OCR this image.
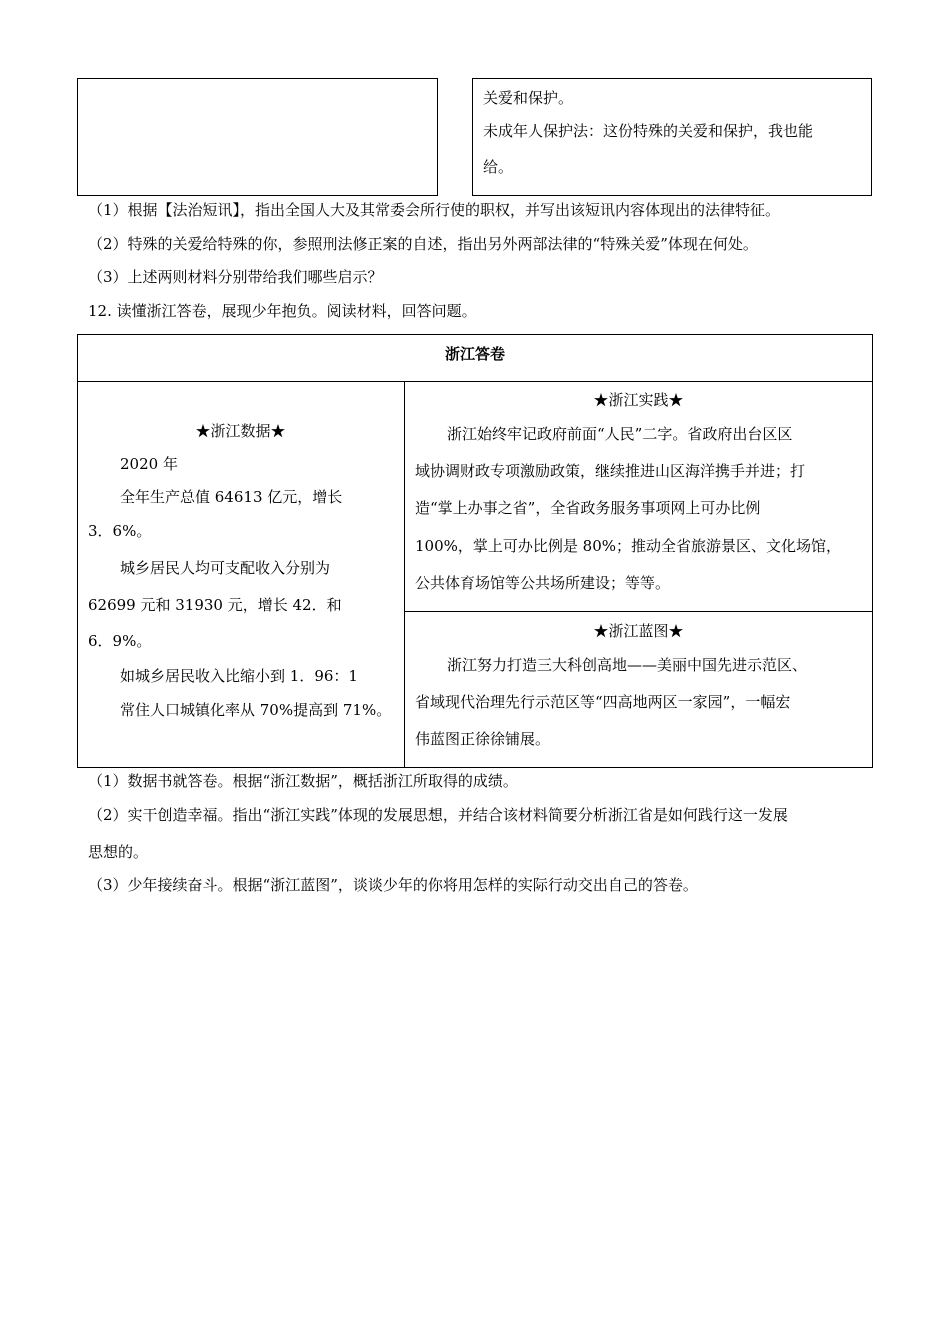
关爱和保护。
未成年人保护法：这份特殊的关爱和保护，我也能
给。
（1）根据【法治短讯】，指出全国人大及其常委会所行使的职权，并写出该短讯内容体现出的法律特征。
（2）特殊的关爱给特殊的你，参照刑法修正案的自述，指出另外两部法律的“特殊关爱”体现在何处。
（3）上述两则材料分别带给我们哪些启示？
12. 读懂浙江答卷，展现少年抱负。阅读材料，回答问题。
浙江答卷
★浙江数据★
2020 年
全年生产总值 64613 亿元，增长
3．6%。
城乡居民人均可支配收入分别为
62699 元和 31930 元，增长 42．和
6．9%。
如城乡居民收入比缩小到 1．96：1
常住人口城镇化率从 70%提高到 71%。
★浙江实践★
浙江始终牢记政府前面“人民”二字。省政府出台区区
域协调财政专项激励政策，继续推进山区海洋携手并进；打
造“掌上办事之省”，全省政务服务事项网上可办比例
100%，掌上可办比例是 80%；推动全省旅游景区、文化场馆，
公共体育场馆等公共场所建设；等等。
★浙江蓝图★
浙江努力打造三大科创高地——美丽中国先进示范区、
省域现代治理先行示范区等“四高地两区一家园”，一幅宏
伟蓝图正徐徐铺展。
（1）数据书就答卷。根据“浙江数据”，概括浙江所取得的成绩。
（2）实干创造幸福。指出“浙江实践”体现的发展思想，并结合该材料简要分析浙江省是如何践行这一发展
思想的。
（3）少年接续奋斗。根据“浙江蓝图”，谈谈少年的你将用怎样的实际行动交出自己的答卷。
